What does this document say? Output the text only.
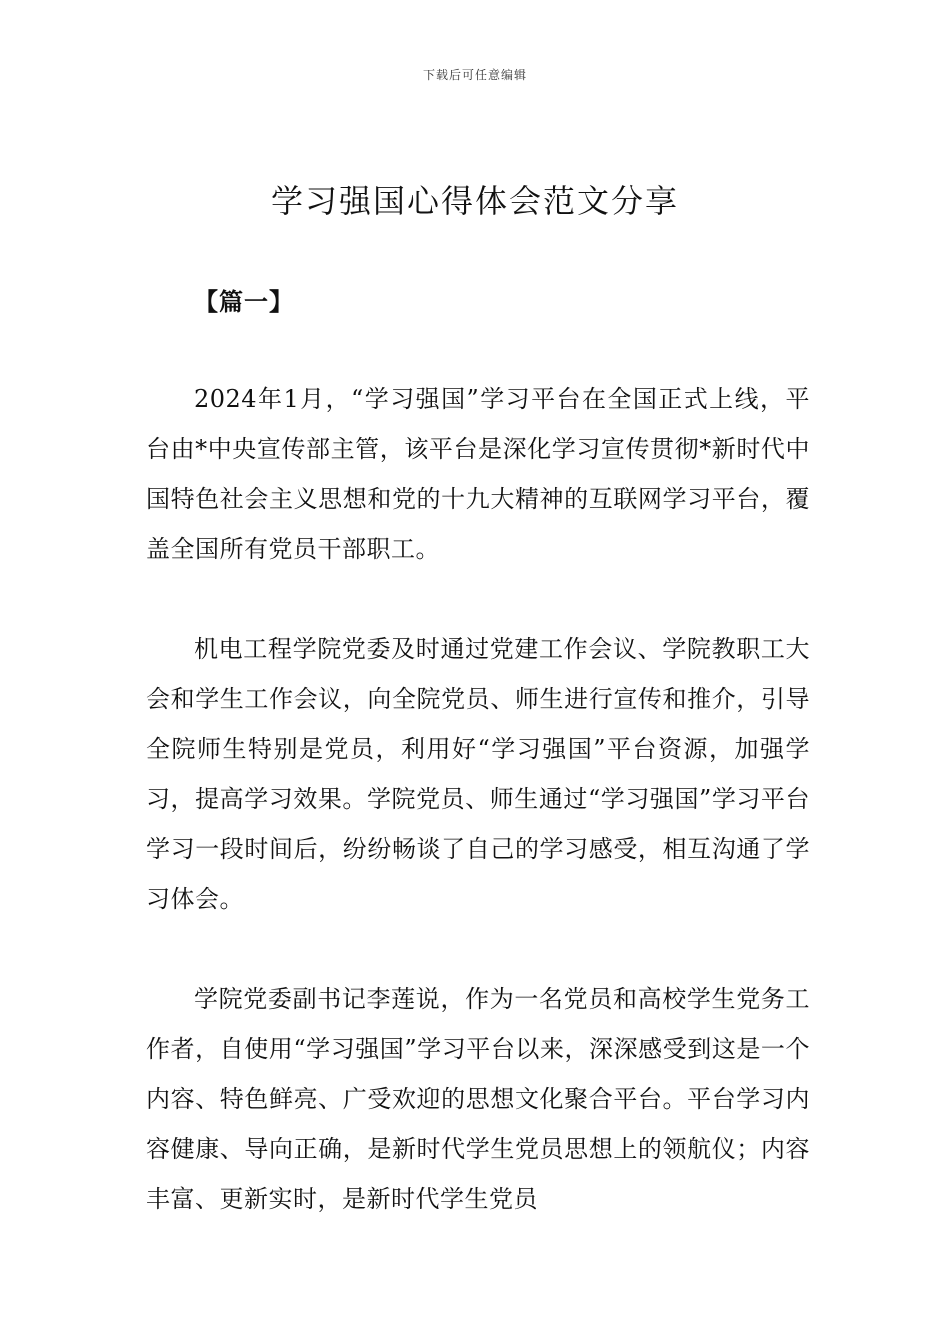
下载后可任意编辑
学习强国心得体会范文分享
【篇一】

2024年1月，“学习强国”学习平台在全国正式上线，平台由*中央宣传部主管，该平台是深化学习宣传贯彻*新时代中国特色社会主义思想和党的十九大精神的互联网学习平台，覆盖全国所有党员干部职工。

机电工程学院党委及时通过党建工作会议、学院教职工大会和学生工作会议，向全院党员、师生进行宣传和推介，引导全院师生特别是党员，利用好“学习强国”平台资源，加强学习，提高学习效果。学院党员、师生通过“学习强国”学习平台学习一段时间后，纷纷畅谈了自己的学习感受，相互沟通了学习体会。

学院党委副书记李莲说，作为一名党员和高校学生党务工作者，自使用“学习强国”学习平台以来，深深感受到这是一个内容、特色鲜亮、广受欢迎的思想文化聚合平台。平台学习内容健康、导向正确，是新时代学生党员思想上的领航仪；内容丰富、更新实时，是新时代学生党员
